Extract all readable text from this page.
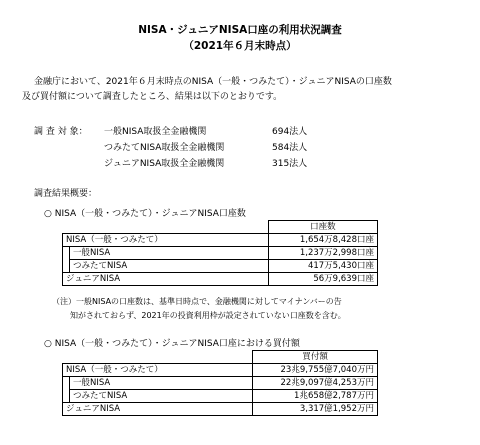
NISA・ジュニアNISA口座の利用状況調査
（2021年６月末時点）
金融庁において、2021年６月末時点のNISA（一般・つみたて）・ジュニアNISAの口座数
及び買付額について調査したところ、結果は以下のとおりです。
調 査 対 象： 一般NISA取扱全金融機関	694法人
つみたてNISA取扱全金融機関	584法人
ジュニアNISA取扱全金融機関	315法人
調査結果概要：
○ NISA（一般・つみたて）・ジュニアNISA口座数
		口座数
NISA（一般・つみたて）		1,654万8,428口座
	一般NISA	1,237万2,998口座
	つみたてNISA	417万5,430口座
ジュニアNISA		56万9,639口座
（注）一般NISAの口座数は、基準日時点で、金融機関に対してマイナンバーの告
知がされておらず、2021年の投資利用枠が設定されていない口座数を含む。
○ NISA（一般・つみたて）・ジュニアNISA口座における買付額
		買付額
NISA（一般・つみたて）		23兆9,755億7,040万円
	一般NISA	22兆9,097億4,253万円
	つみたてNISA	1兆658億2,787万円
ジュニアNISA		3,317億1,952万円
